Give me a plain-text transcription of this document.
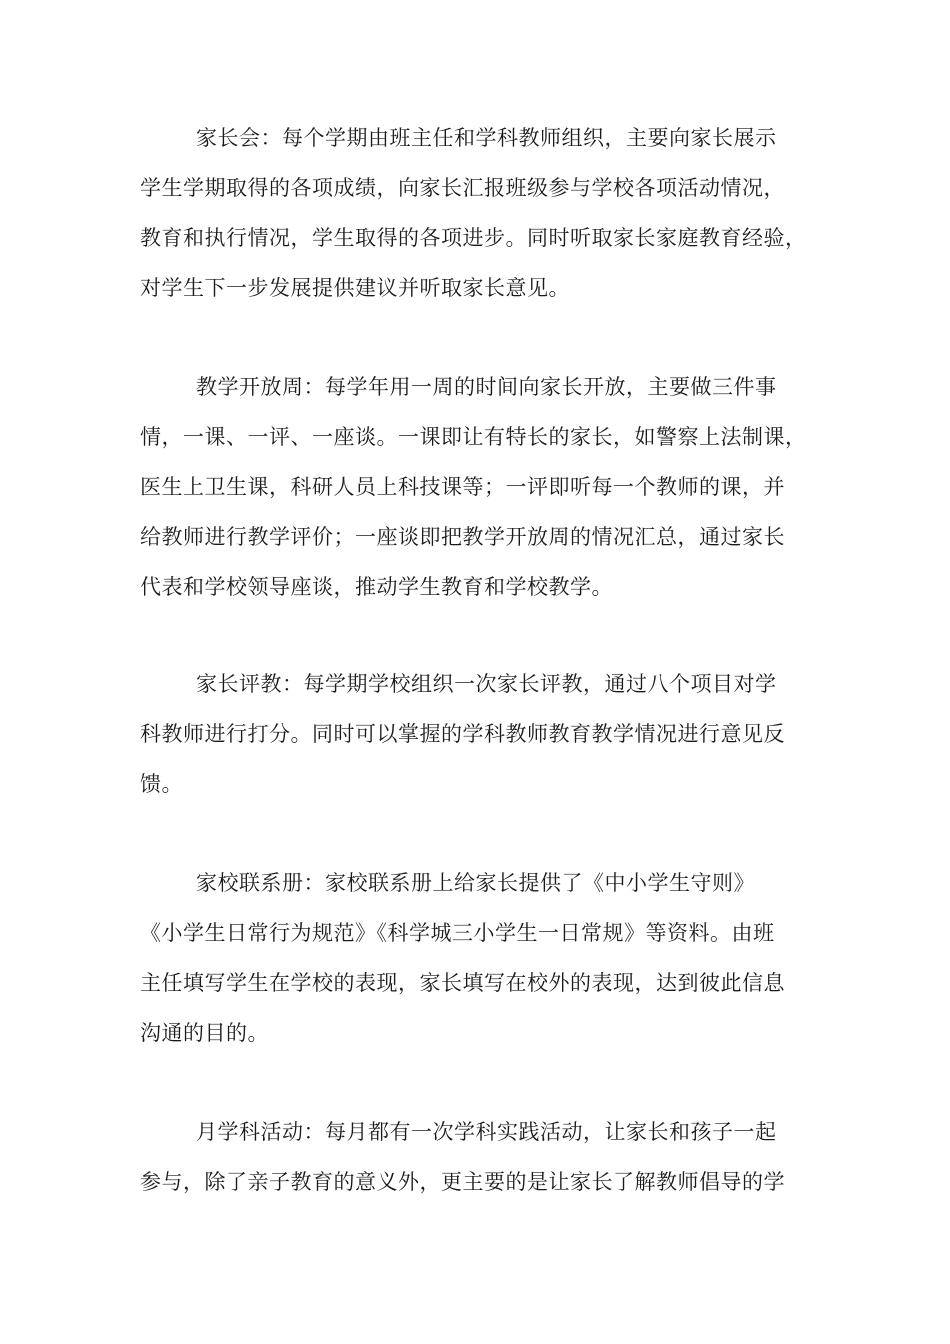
家长会：每个学期由班主任和学科教师组织，主要向家长展示
学生学期取得的各项成绩，向家长汇报班级参与学校各项活动情况，
教育和执行情况，学生取得的各项进步。同时听取家长家庭教育经验，
对学生下一步发展提供建议并听取家长意见。
教学开放周：每学年用一周的时间向家长开放，主要做三件事
情，一课、一评、一座谈。一课即让有特长的家长，如警察上法制课，
医生上卫生课，科研人员上科技课等；一评即听每一个教师的课，并
给教师进行教学评价；一座谈即把教学开放周的情况汇总，通过家长
代表和学校领导座谈，推动学生教育和学校教学。
家长评教：每学期学校组织一次家长评教，通过八个项目对学
科教师进行打分。同时可以掌握的学科教师教育教学情况进行意见反
馈。
家校联系册：家校联系册上给家长提供了《中小学生守则》
《小学生日常行为规范》《科学城三小学生一日常规》等资料。由班
主任填写学生在学校的表现，家长填写在校外的表现，达到彼此信息
沟通的目的。
月学科活动：每月都有一次学科实践活动，让家长和孩子一起
参与，除了亲子教育的意义外，更主要的是让家长了解教师倡导的学
